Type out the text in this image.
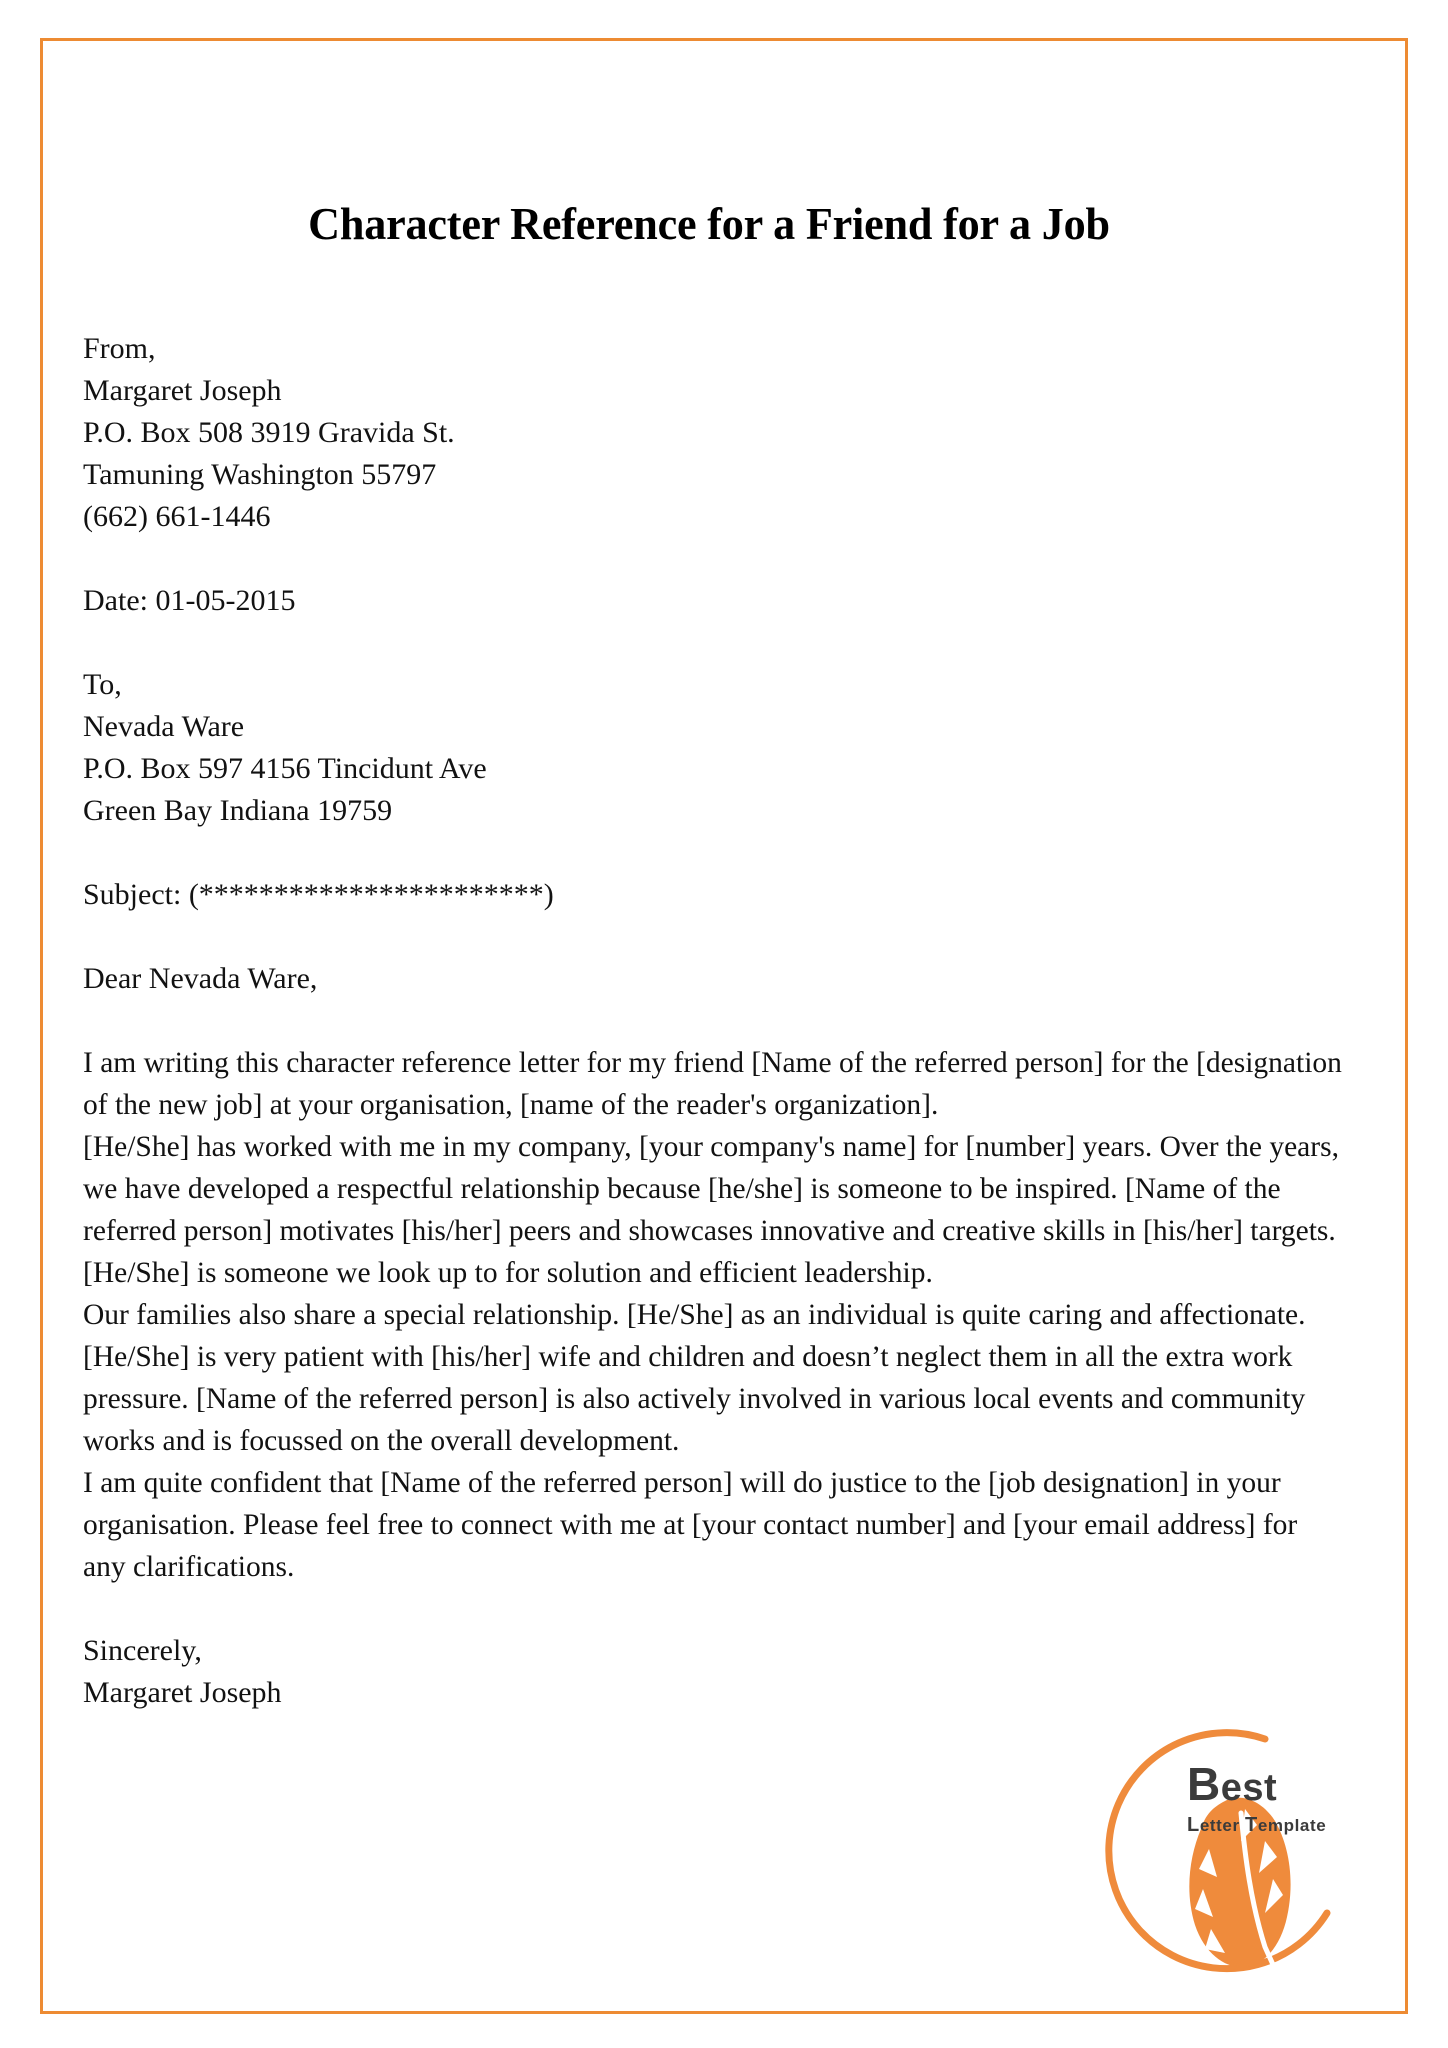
Character Reference for a Friend for a Job
From,
Margaret Joseph
P.O. Box 508 3919 Gravida St.
Tamuning Washington 55797
(662) 661-1446
Date: 01-05-2015
To,
Nevada Ware
P.O. Box 597 4156 Tincidunt Ave
Green Bay Indiana 19759
Subject: (***********************)
Dear Nevada Ware,

I am writing this character reference letter for my friend [Name of the referred person] for the [designation of the new job] at your organisation, [name of the reader's organization].

[He/She] has worked with me in my company, [your company's name] for [number] years. Over the years, we have developed a respectful relationship because [he/she] is someone to be inspired. [Name of the referred person] motivates [his/her] peers and showcases innovative and creative skills in [his/her] targets. [He/She] is someone we look up to for solution and efficient leadership.

Our families also share a special relationship. [He/She] as an individual is quite caring and affectionate. [He/She] is very patient with [his/her] wife and children and doesn’t neglect them in all the extra work pressure. [Name of the referred person] is also actively involved in various local events and community works and is focussed on the overall development.

I am quite confident that [Name of the referred person] will do justice to the [job designation] in your organisation. Please feel free to connect with me at [your contact number] and [your email address] for any clarifications.

Sincerely,
Margaret Joseph
Best
Letter Template
